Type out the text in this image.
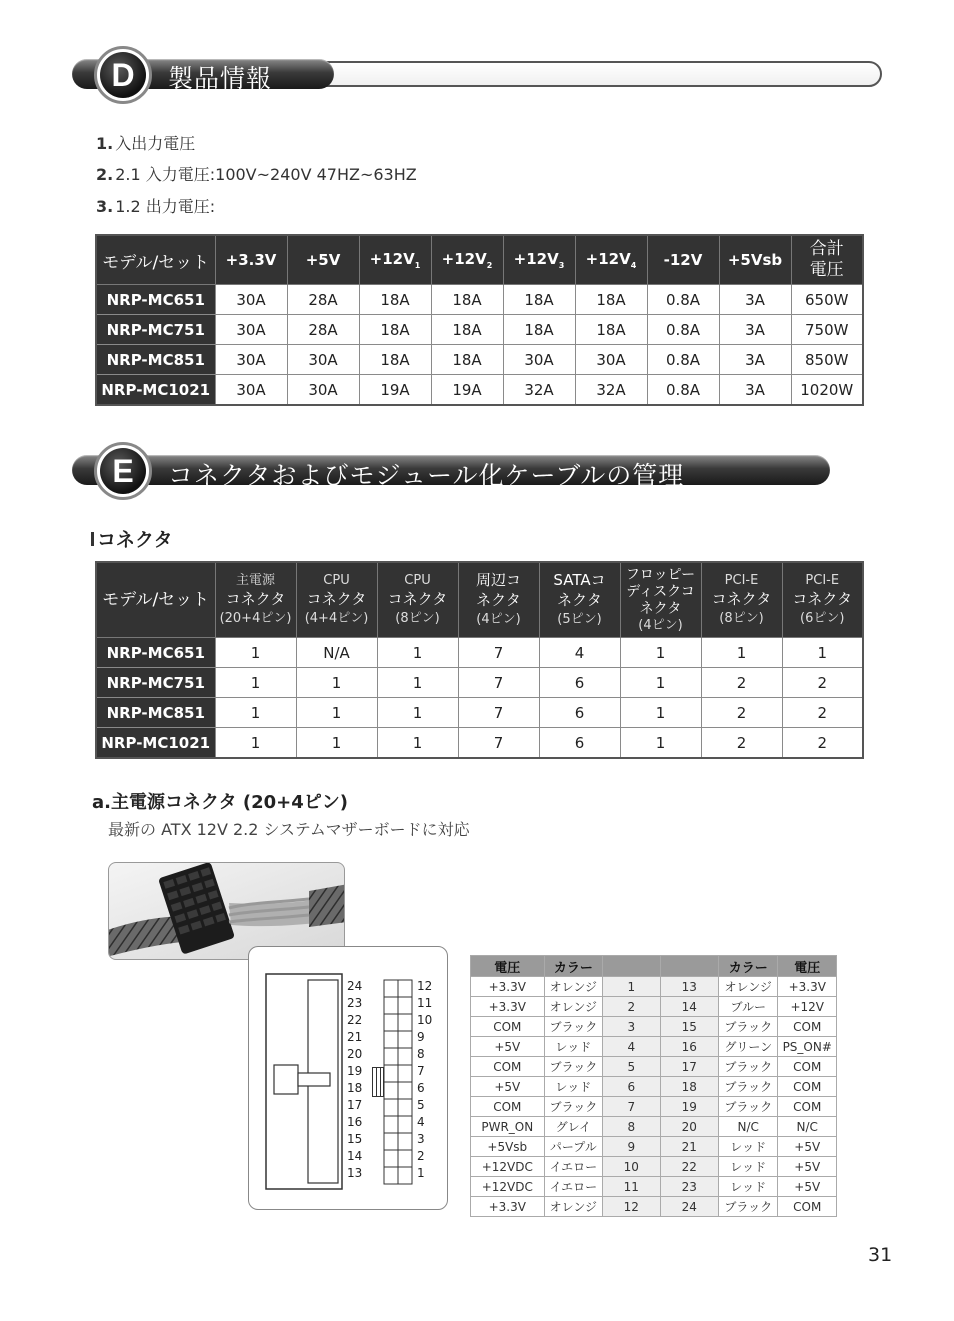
D	製品情報
1. 入出力電圧
2. 2.1 入力電圧:100V~240V 47HZ~63HZ
3. 1.2 出力電圧:
モデル/セット	+3.3V	+5V	$+12V_1$	$+12V_2$	$+12V_3$	$+12V_4$	-12V	+5Vsb	合計
電圧
NRP-MC651	30A	28A	18A	18A	18A	18A	0.8A	3A	650W
NRP-MC751	30A	28A	18A	18A	18A	18A	0.8A	3A	750W
NRP-MC851	30A	30A	18A	18A	30A	30A	0.8A	3A	850W
NRP-MC1021	30A	30A	19A	19A	32A	32A	0.8A	3A	1020W
E	コネクタおよびモジュール化ケーブルの管理
コネクタ
モデル/セット	主電源
コネクタ
(20+4ピン)	CPU
コネクタ
(4+4ピン)	CPU
コネクタ
(8ピン)	周辺コ
ネクタ
(4ピン)	SATAコ
ネクタ
(5ピン)	フロッピー
ディスクコ
ネクタ
(4ピン)	PCI-E
コネクタ
(8ピン)	PCI-E
コネクタ
(6ピン)
NRP-MC651	1	N/A	1	7	4	1	1	1
NRP-MC751	1	1	1	7	6	1	2	2
NRP-MC851	1	1	1	7	6	1	2	2
NRP-MC1021	1	1	1	7	6	1	2	2
a.主電源コネクタ (20+4ピン)
最新の ATX 12V 2.2 システムマザーボードに対応
24
23
22
21
20
19
18
17
16
15
14
13
12
11
10
9
8
7
6
5
4
3
2
1
電圧	カラー			カラー	電圧
+3.3V	オレンジ	1	13	オレンジ	+3.3V
+3.3V	オレンジ	2	14	ブルー	+12V
COM	ブラック	3	15	ブラック	COM
+5V	レッド	4	16	グリーン	PS_ON#
COM	ブラック	5	17	ブラック	COM
+5V	レッド	6	18	ブラック	COM
COM	ブラック	7	19	ブラック	COM
PWR_ON	グレイ	8	20	N/C	N/C
+5Vsb	パープル	9	21	レッド	+5V
+12VDC	イエロー	10	22	レッド	+5V
+12VDC	イエロー	11	23	レッド	+5V
+3.3V	オレンジ	12	24	ブラック	COM
31
